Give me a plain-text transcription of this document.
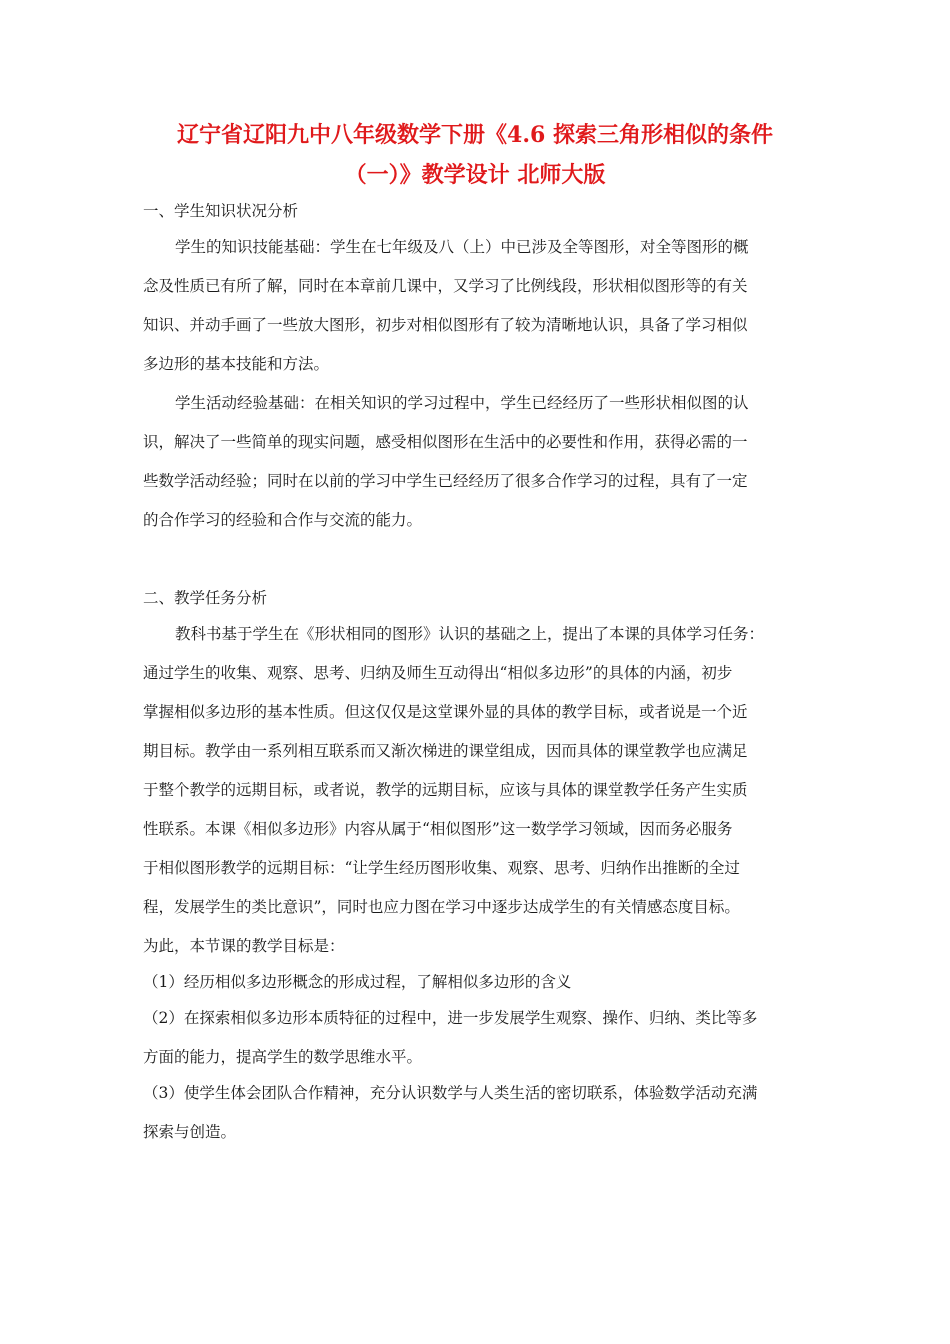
辽宁省辽阳九中八年级数学下册《4.6 探索三角形相似的条件
（一）》教学设计 北师大版
一、学生知识状况分析
学生的知识技能基础：学生在七年级及八（上）中已涉及全等图形，对全等图形的概
念及性质已有所了解，同时在本章前几课中，又学习了比例线段，形状相似图形等的有关
知识、并动手画了一些放大图形，初步对相似图形有了较为清晰地认识，具备了学习相似
多边形的基本技能和方法。
学生活动经验基础：在相关知识的学习过程中，学生已经经历了一些形状相似图的认
识，解决了一些简单的现实问题，感受相似图形在生活中的必要性和作用，获得必需的一
些数学活动经验；同时在以前的学习中学生已经经历了很多合作学习的过程，具有了一定
的合作学习的经验和合作与交流的能力。
二、教学任务分析
教科书基于学生在《形状相同的图形》认识的基础之上，提出了本课的具体学习任务：
通过学生的收集、观察、思考、归纳及师生互动得出“相似多边形”的具体的内涵，初步
掌握相似多边形的基本性质。但这仅仅是这堂课外显的具体的教学目标，或者说是一个近
期目标。教学由一系列相互联系而又渐次梯进的课堂组成，因而具体的课堂教学也应满足
于整个教学的远期目标，或者说，教学的远期目标，应该与具体的课堂教学任务产生实质
性联系。本课《相似多边形》内容从属于“相似图形”这一数学学习领域，因而务必服务
于相似图形教学的远期目标：“让学生经历图形收集、观察、思考、归纳作出推断的全过
程，发展学生的类比意识”，同时也应力图在学习中逐步达成学生的有关情感态度目标。
为此，本节课的教学目标是：
（1）经历相似多边形概念的形成过程，了解相似多边形的含义
（2）在探索相似多边形本质特征的过程中，进一步发展学生观察、操作、归纳、类比等多
方面的能力，提高学生的数学思维水平。
（3）使学生体会团队合作精神，充分认识数学与人类生活的密切联系，体验数学活动充满
探索与创造。
